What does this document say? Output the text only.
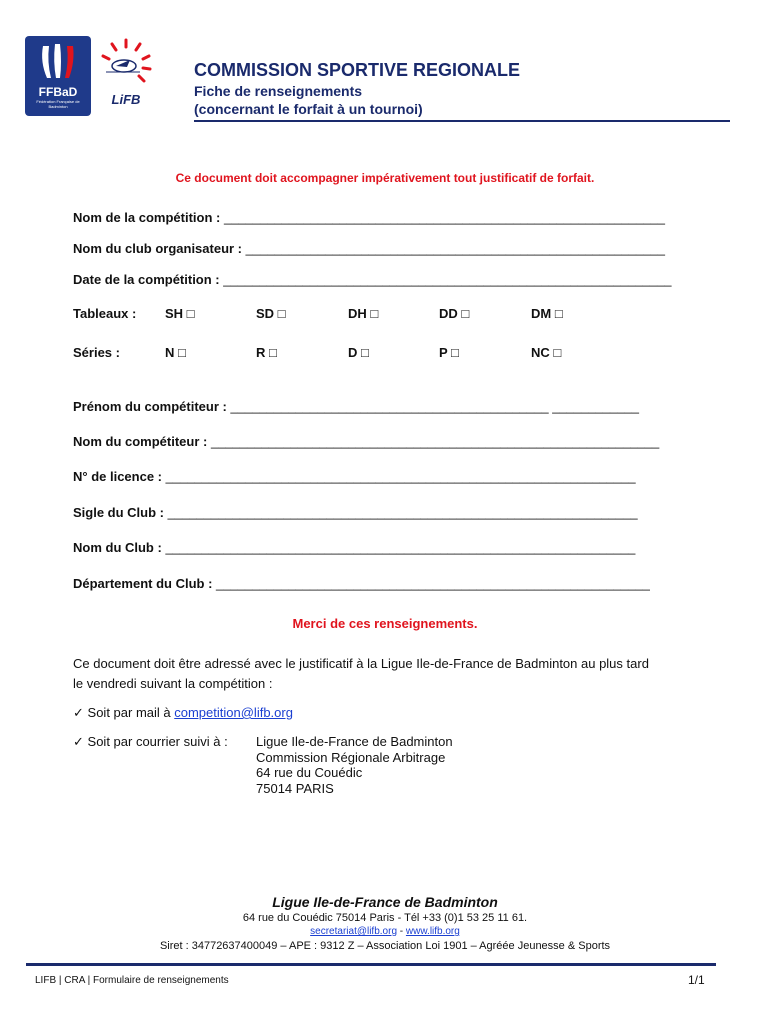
FFBaD
Fédération Française de Badminton	LiFB
COMMISSION SPORTIVE REGIONALE
Fiche de renseignements
(concernant le forfait à un tournoi)
Ce document doit accompagner impérativement tout justificatif de forfait.
Nom de la compétition : _____________________________________________________________
Nom du club organisateur : __________________________________________________________
Date de la compétition : ______________________________________________________________
Tableaux : SH □	SD □	DH □	DD □	DM □
Séries :	N □	R □	D □	P □	NC □
Prénom du compétiteur : ____________________________________________ ____________
Nom du compétiteur : ______________________________________________________________
N° de licence : _________________________________________________________________
Sigle du Club : _________________________________________________________________
Nom du Club : _________________________________________________________________
Département du Club : ____________________________________________________________
Merci de ces renseignements.
Ce document doit être adressé avec le justificatif à la Ligue Ile-de-France de Badminton au plus tard
le vendredi suivant la compétition :
✓ Soit par mail à competition@lifb.org
✓ Soit par courrier suivi à : Ligue Ile-de-France de Badminton
Commission Régionale Arbitrage
64 rue du Couédic
75014 PARIS
Ligue Ile-de-France de Badminton
64 rue du Couédic 75014 Paris - Tél +33 (0)1 53 25 11 61.
secretariat@lifb.org - www.lifb.org
Siret : 34772637400049 – APE : 9312 Z – Association Loi 1901 – Agréée Jeunesse & Sports
LIFB | CRA | Formulaire de renseignements	1/1
